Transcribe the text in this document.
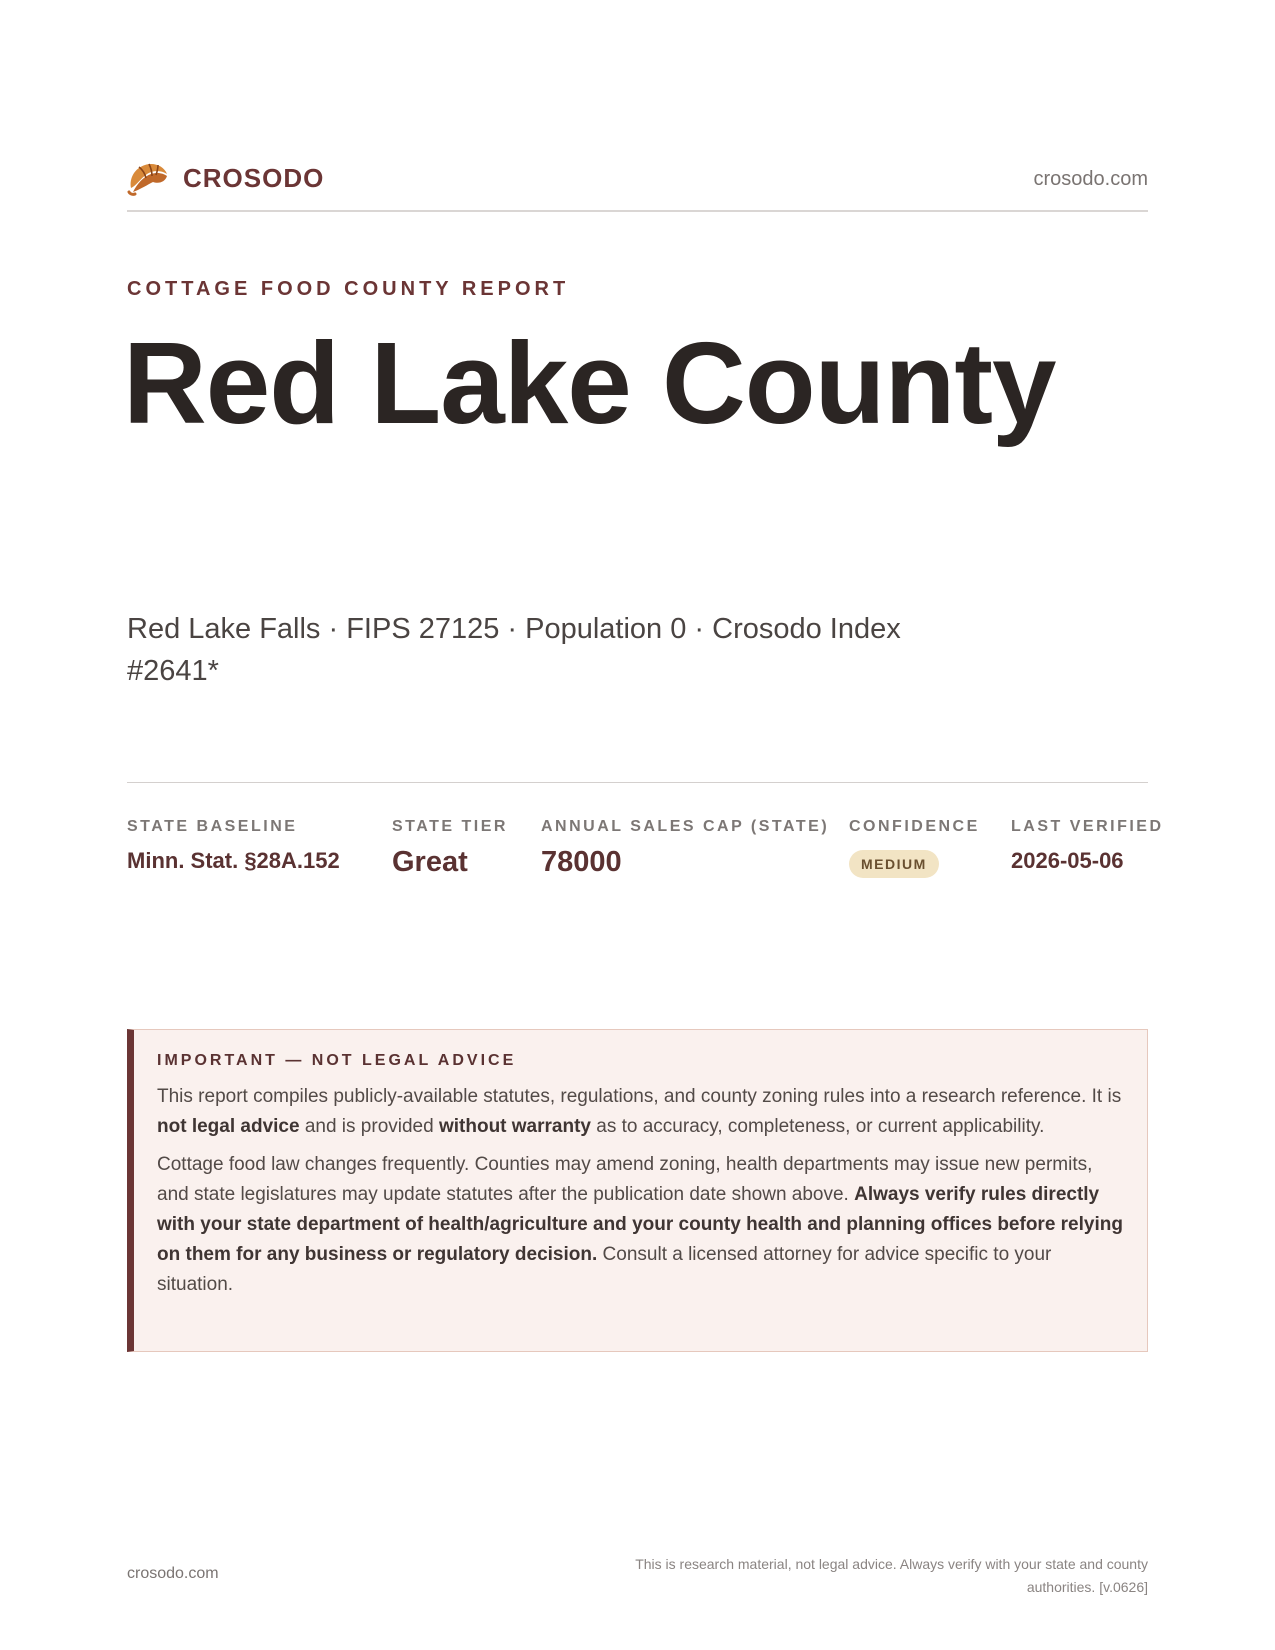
CROSODO	crosodo.com
COTTAGE FOOD COUNTY REPORT
Red Lake County
Red Lake Falls · FIPS 27125 · Population 0 · Crosodo Index #2641*
STATE BASELINE
Minn. Stat. §28A.152
STATE TIER
Great
ANNUAL SALES CAP (STATE)
78000
CONFIDENCE
MEDIUM
LAST VERIFIED
2026-05-06
IMPORTANT — NOT LEGAL ADVICE

This report compiles publicly-available statutes, regulations, and county zoning rules into a research reference. It is not legal advice and is provided without warranty as to accuracy, completeness, or current applicability.

Cottage food law changes frequently. Counties may amend zoning, health departments may issue new permits, and state legislatures may update statutes after the publication date shown above. Always verify rules directly with your state department of health/agriculture and your county health and planning offices before relying on them for any business or regulatory decision. Consult a licensed attorney for advice specific to your situation.

crosodo.com
This is research material, not legal advice. Always verify with your state and county authorities. [v.0626]
